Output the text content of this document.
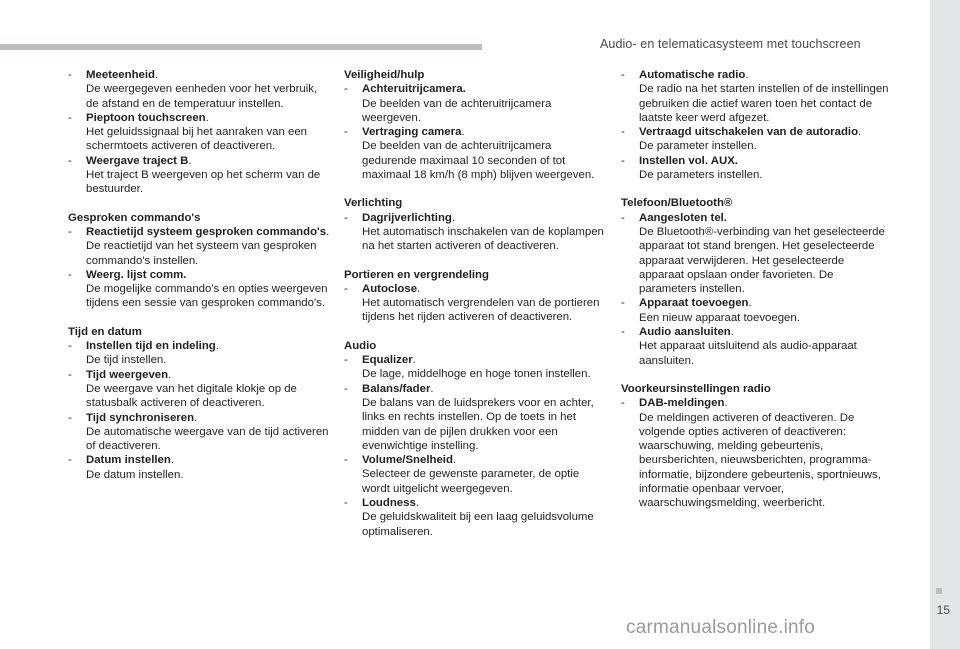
Audio- en telematicasysteem met touchscreen
- Meeteenheid.
De weergegeven eenheden voor het verbruik, de afstand en de temperatuur instellen.
- Pieptoon touchscreen.
Het geluidssignaal bij het aanraken van een schermtoets activeren of deactiveren.
- Weergave traject B.
Het traject B weergeven op het scherm van de bestuurder.
Gesproken commando's
- Reactietijd systeem gesproken commando's.
De reactietijd van het systeem van gesproken commando's instellen.
- Weerg. lijst comm.
De mogelijke commando's en opties weergeven tijdens een sessie van gesproken commando's.
Tijd en datum
- Instellen tijd en indeling.
De tijd instellen.
- Tijd weergeven.
De weergave van het digitale klokje op de statusbalk activeren of deactiveren.
- Tijd synchroniseren.
De automatische weergave van de tijd activeren of deactiveren.
- Datum instellen.
De datum instellen.
Veiligheid/hulp
- Achteruitrijcamera.
De beelden van de achteruitrijcamera weergeven.
- Vertraging camera.
De beelden van de achteruitrijcamera gedurende maximaal 10 seconden of tot maximaal 18 km/h (8 mph) blijven weergeven.
Verlichting
- Dagrijverlichting.
Het automatisch inschakelen van de koplampen na het starten activeren of deactiveren.
Portieren en vergrendeling
- Autoclose.
Het automatisch vergrendelen van de portieren tijdens het rijden activeren of deactiveren.
Audio
- Equalizer.
De lage, middelhoge en hoge tonen instellen.
- Balans/fader.
De balans van de luidsprekers voor en achter, links en rechts instellen. Op de toets in het midden van de pijlen drukken voor een evenwichtige instelling.
- Volume/Snelheid.
Selecteer de gewenste parameter, de optie wordt uitgelicht weergegeven.
- Loudness.
De geluidskwaliteit bij een laag geluidsvolume optimaliseren.
- Automatische radio.
De radio na het starten instellen of de instellingen gebruiken die actief waren toen het contact de laatste keer werd afgezet.
- Vertraagd uitschakelen van de autoradio.
De parameter instellen.
- Instellen vol. AUX.
De parameters instellen.
Telefoon/Bluetooth®
- Aangesloten tel.
De Bluetooth®-verbinding van het geselecteerde apparaat tot stand brengen. Het geselecteerde apparaat verwijderen. Het geselecteerde apparaat opslaan onder favorieten. De parameters instellen.
- Apparaat toevoegen.
Een nieuw apparaat toevoegen.
- Audio aansluiten.
Het apparaat uitsluitend als audio-apparaat aansluiten.
Voorkeursinstellingen radio
- DAB-meldingen.
De meldingen activeren of deactiveren. De volgende opties activeren of deactiveren: waarschuwing, melding gebeurtenis, beursberichten, nieuwsberichten, programma-informatie, bijzondere gebeurtenis, sportnieuws, informatie openbaar vervoer, waarschuwingsmelding, weerbericht.
15
carmanualsonline.info
